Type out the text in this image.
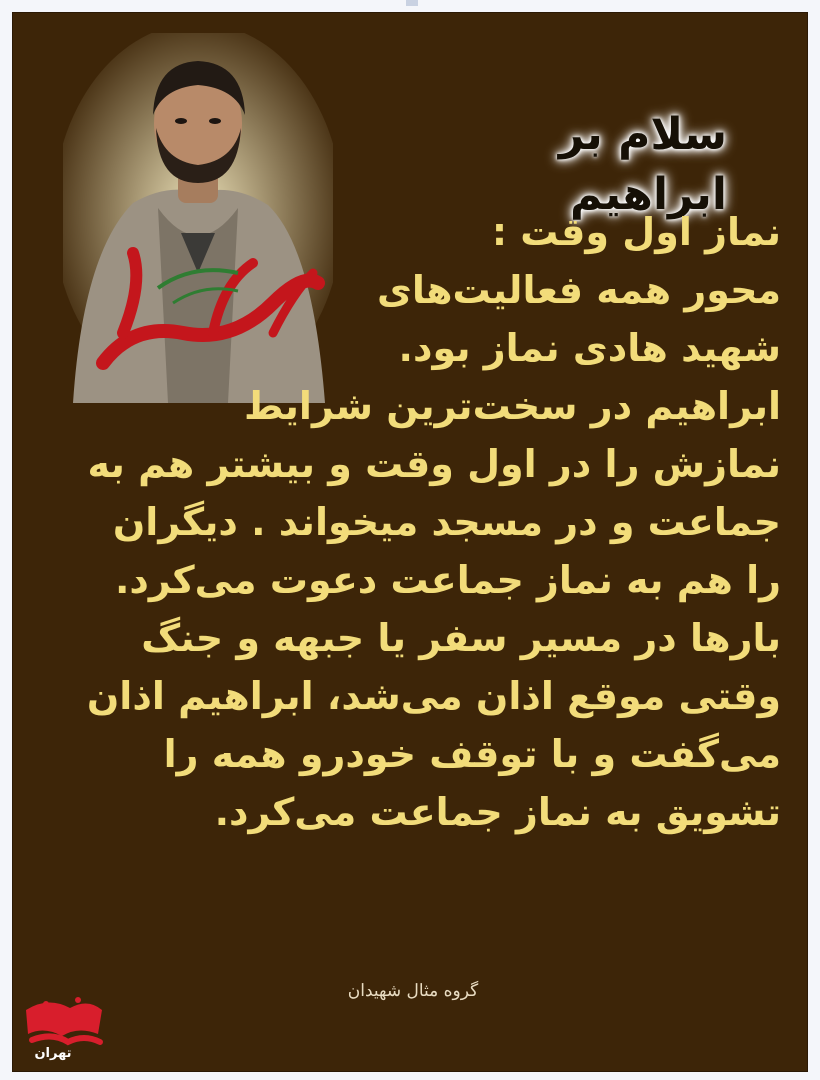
سلام بر ابراهیم
نماز اول وقت :
محور همه فعالیت‌های
شهید هادی نماز بود.
ابراهیم در سخت‌ترین شرایط
نمازش را در اول وقت و بیشتر هم به
جماعت و در مسجد میخواند . دیگران
را هم به نماز جماعت دعوت می‌کرد.
بارها در مسیر سفر یا جبهه و جنگ
وقتی موقع اذان می‌شد، ابراهیم اذان
می‌گفت و با توقف خودرو همه را
تشویق به نماز جماعت می‌کرد.
گروه مثال شهیدان
تهران
